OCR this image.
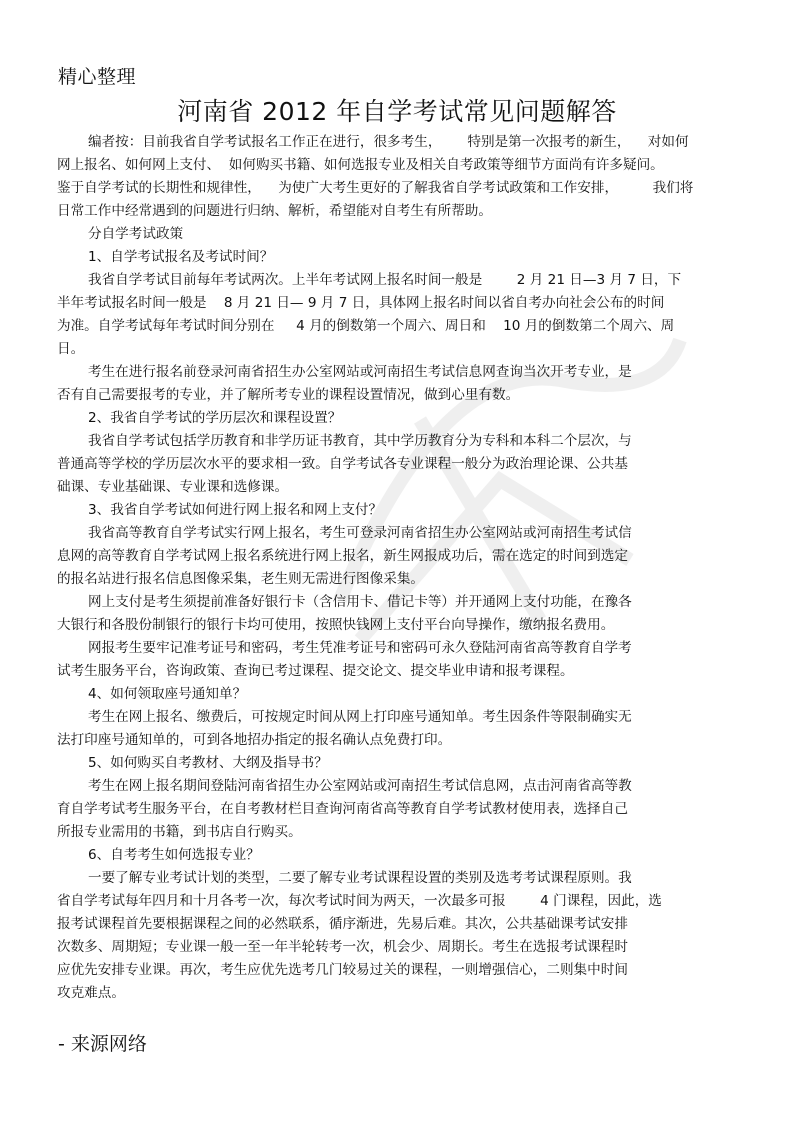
精心整理
河南省 2012 年自学考试常见问题解答
编者按：目前我省自学考试报名工作正在进行，很多考生，      特别是第一次报考的新生，    对如何
网上报名、如何网上支付、  如何购买书籍、如何选报专业及相关自考政策等细节方面尚有许多疑问。
鉴于自学考试的长期性和规律性，    为使广大考生更好的了解我省自学考试政策和工作安排，        我们将
日常工作中经常遇到的问题进行归纳、解析，希望能对自考生有所帮助。
分自学考试政策
1、自学考试报名及考试时间？
我省自学考试目前每年考试两次。上半年考试网上报名时间一般是        2 月 21 日—3 月 7 日，下
半年考试报名时间一般是    8 月 21 日— 9 月 7 日，具体网上报名时间以省自考办向社会公布的时间
为准。自学考试每年考试时间分别在     4 月的倒数第一个周六、周日和    10 月的倒数第二个周六、周
日。
考生在进行报名前登录河南省招生办公室网站或河南招生考试信息网查询当次开考专业，是
否有自己需要报考的专业，并了解所考专业的课程设置情况，做到心里有数。
2、我省自学考试的学历层次和课程设置？
我省自学考试包括学历教育和非学历证书教育，其中学历教育分为专科和本科二个层次，与
普通高等学校的学历层次水平的要求相一致。自学考试各专业课程一般分为政治理论课、公共基
础课、专业基础课、专业课和选修课。
3、我省自学考试如何进行网上报名和网上支付？
我省高等教育自学考试实行网上报名，考生可登录河南省招生办公室网站或河南招生考试信
息网的高等教育自学考试网上报名系统进行网上报名，新生网报成功后，需在选定的时间到选定
的报名站进行报名信息图像采集，老生则无需进行图像采集。
网上支付是考生须提前准备好银行卡（含信用卡、借记卡等）并开通网上支付功能，在豫各
大银行和各股份制银行的银行卡均可使用，按照快钱网上支付平台向导操作，缴纳报名费用。
网报考生要牢记准考证号和密码，考生凭准考证号和密码可永久登陆河南省高等教育自学考
试考生服务平台，咨询政策、查询已考过课程、提交论文、提交毕业申请和报考课程。
4、如何领取座号通知单？
考生在网上报名、缴费后，可按规定时间从网上打印座号通知单。考生因条件等限制确实无
法打印座号通知单的，可到各地招办指定的报名确认点免费打印。
5、如何购买自考教材、大纲及指导书？
考生在网上报名期间登陆河南省招生办公室网站或河南招生考试信息网，点击河南省高等教
育自学考试考生服务平台，在自考教材栏目查询河南省高等教育自学考试教材使用表，选择自己
所报专业需用的书籍，到书店自行购买。
6、自考考生如何选报专业？
一要了解专业考试计划的类型，二要了解专业考试课程设置的类别及选考考试课程原则。我
省自学考试每年四月和十月各考一次，每次考试时间为两天，一次最多可报        4 门课程，因此，选
报考试课程首先要根据课程之间的必然联系，循序渐进，先易后难。其次，公共基础课考试安排
次数多、周期短；专业课一般一至一年半轮转考一次，机会少、周期长。考生在选报考试课程时
应优先安排专业课。再次，考生应优先选考几门较易过关的课程，一则增强信心，二则集中时间
攻克难点。
- 来源网络
